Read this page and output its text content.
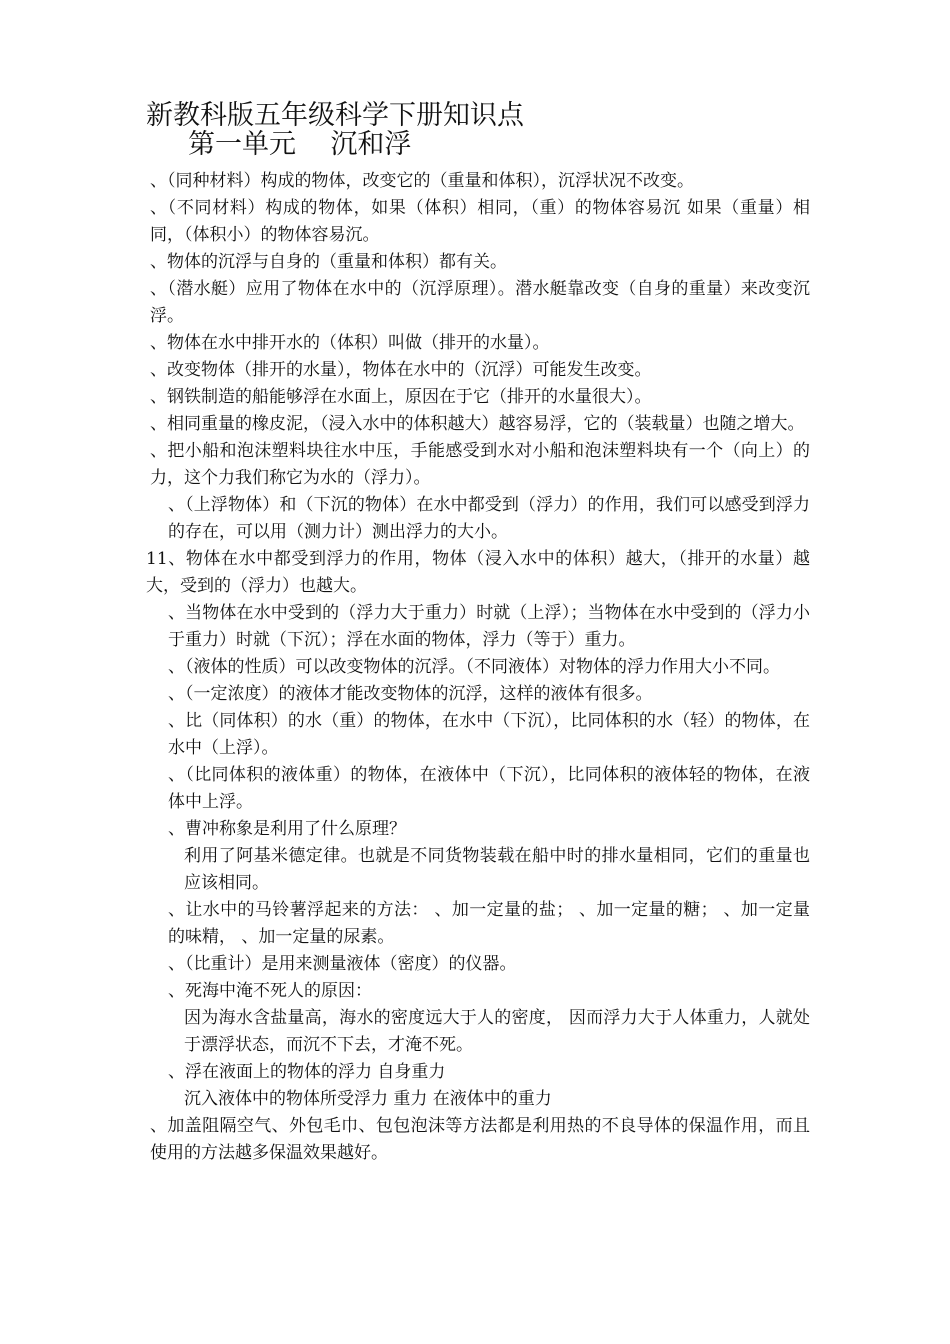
新教科版五年级科学下册知识点
第一单元    沉和浮

、（同种材料）构成的物体，改变它的（重量和体积），沉浮状况不改变。

、（不同材料）构成的物体，如果（体积）相同，（重）的物体容易沉 如果（重量）相同，（体积小）的物体容易沉。

、物体的沉浮与自身的（重量和体积）都有关。

、（潜水艇）应用了物体在水中的（沉浮原理）。潜水艇靠改变（自身的重量）来改变沉浮。

、物体在水中排开水的（体积）叫做（排开的水量）。

、改变物体（排开的水量），物体在水中的（沉浮）可能发生改变。

、钢铁制造的船能够浮在水面上，原因在于它（排开的水量很大）。

、相同重量的橡皮泥，（浸入水中的体积越大）越容易浮，它的（装载量）也随之增大。

、把小船和泡沫塑料块往水中压，手能感受到水对小船和泡沫塑料块有一个（向上）的力，这个力我们称它为水的（浮力）。

、（上浮物体）和（下沉的物体）在水中都受到（浮力）的作用，我们可以感受到浮力的存在，可以用（测力计）测出浮力的大小。

11、物体在水中都受到浮力的作用，物体（浸入水中的体积）越大，（排开的水量）越大，受到的（浮力）也越大。

、当物体在水中受到的（浮力大于重力）时就（上浮）；当物体在水中受到的（浮力小于重力）时就（下沉）；浮在水面的物体，浮力（等于）重力。

、（液体的性质）可以改变物体的沉浮。（不同液体）对物体的浮力作用大小不同。

、（一定浓度）的液体才能改变物体的沉浮，这样的液体有很多。

、比（同体积）的水（重）的物体，在水中（下沉），比同体积的水（轻）的物体，在水中（上浮）。

、（比同体积的液体重）的物体，在液体中（下沉），比同体积的液体轻的物体，在液体中上浮。

、曹冲称象是利用了什么原理？

利用了阿基米德定律。也就是不同货物装载在船中时的排水量相同，它们的重量也应该相同。

、让水中的马铃薯浮起来的方法： 、加一定量的盐； 、加一定量的糖； 、加一定量的味精， 、加一定量的尿素。

、（比重计）是用来测量液体（密度）的仪器。

、死海中淹不死人的原因：

因为海水含盐量高，海水的密度远大于人的密度， 因而浮力大于人体重力，人就处于漂浮状态，而沉不下去，才淹不死。

、浮在液面上的物体的浮力 自身重力

沉入液体中的物体所受浮力 重力 在液体中的重力

、加盖阻隔空气、外包毛巾、包包泡沫等方法都是利用热的不良导体的保温作用，而且使用的方法越多保温效果越好。
